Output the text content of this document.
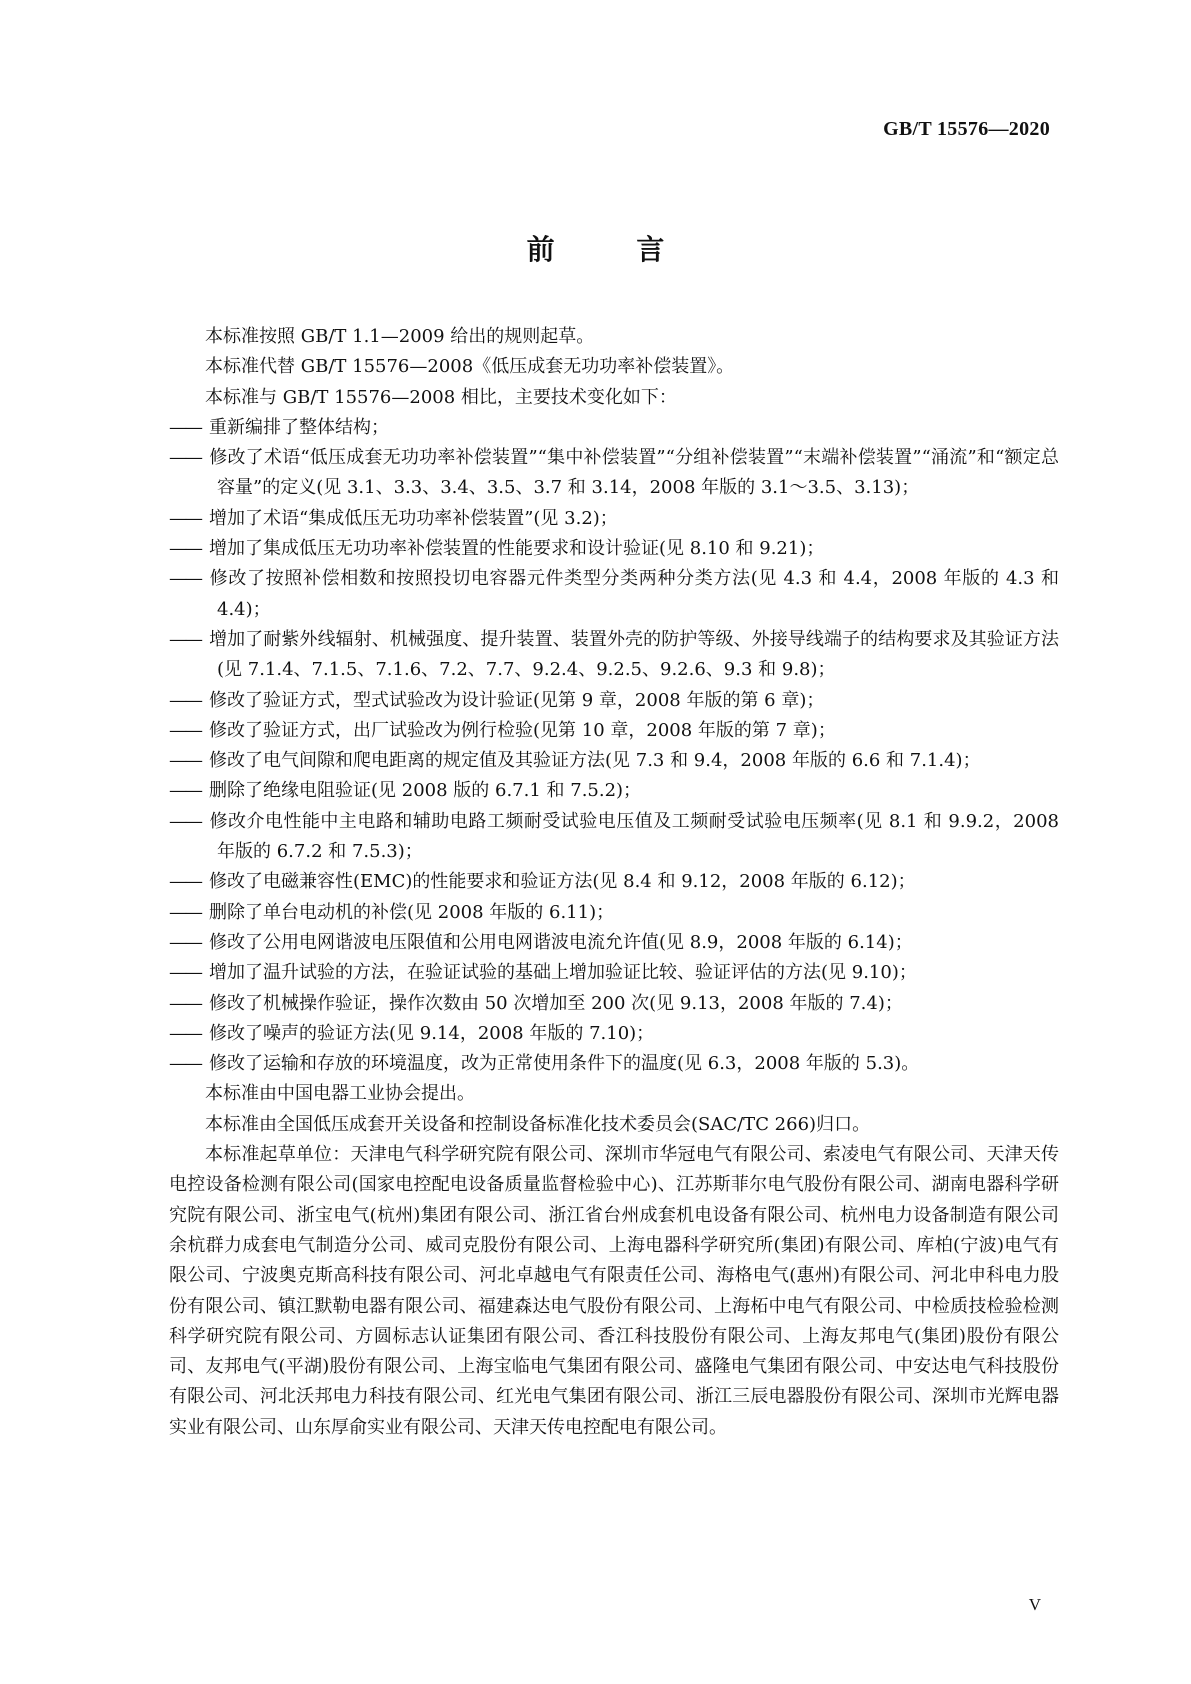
GB/T 15576—2020

前 言

本标准按照 GB/T 1.1—2009 给出的规则起草。

本标准代替 GB/T 15576—2008《低压成套无功功率补偿装置》。

本标准与 GB/T 15576—2008 相比，主要技术变化如下：

—— 重新编排了整体结构；

—— 修改了术语“低压成套无功功率补偿装置”“集中补偿装置”“分组补偿装置”“末端补偿装置”“涌流”和“额定总容量”的定义(见 3.1、3.3、3.4、3.5、3.7 和 3.14，2008 年版的 3.1～3.5、3.13)；

—— 增加了术语“集成低压无功功率补偿装置”(见 3.2)；

—— 增加了集成低压无功功率补偿装置的性能要求和设计验证(见 8.10 和 9.21)；

—— 修改了按照补偿相数和按照投切电容器元件类型分类两种分类方法(见 4.3 和 4.4，2008 年版的 4.3 和 4.4)；

—— 增加了耐紫外线辐射、机械强度、提升装置、装置外壳的防护等级、外接导线端子的结构要求及其验证方法(见 7.1.4、7.1.5、7.1.6、7.2、7.7、9.2.4、9.2.5、9.2.6、9.3 和 9.8)；

—— 修改了验证方式，型式试验改为设计验证(见第 9 章，2008 年版的第 6 章)；

—— 修改了验证方式，出厂试验改为例行检验(见第 10 章，2008 年版的第 7 章)；

—— 修改了电气间隙和爬电距离的规定值及其验证方法(见 7.3 和 9.4，2008 年版的 6.6 和 7.1.4)；

—— 删除了绝缘电阻验证(见 2008 版的 6.7.1 和 7.5.2)；

—— 修改介电性能中主电路和辅助电路工频耐受试验电压值及工频耐受试验电压频率(见 8.1 和 9.9.2，2008 年版的 6.7.2 和 7.5.3)；

—— 修改了电磁兼容性(EMC)的性能要求和验证方法(见 8.4 和 9.12，2008 年版的 6.12)；

—— 删除了单台电动机的补偿(见 2008 年版的 6.11)；

—— 修改了公用电网谐波电压限值和公用电网谐波电流允许值(见 8.9，2008 年版的 6.14)；

—— 增加了温升试验的方法，在验证试验的基础上增加验证比较、验证评估的方法(见 9.10)；

—— 修改了机械操作验证，操作次数由 50 次增加至 200 次(见 9.13，2008 年版的 7.4)；

—— 修改了噪声的验证方法(见 9.14，2008 年版的 7.10)；

—— 修改了运输和存放的环境温度，改为正常使用条件下的温度(见 6.3，2008 年版的 5.3)。

本标准由中国电器工业协会提出。

本标准由全国低压成套开关设备和控制设备标准化技术委员会(SAC/TC 266)归口。

本标准起草单位：天津电气科学研究院有限公司、深圳市华冠电气有限公司、索凌电气有限公司、天津天传电控设备检测有限公司(国家电控配电设备质量监督检验中心)、江苏斯菲尔电气股份有限公司、湖南电器科学研究院有限公司、浙宝电气(杭州)集团有限公司、浙江省台州成套机电设备有限公司、杭州电力设备制造有限公司余杭群力成套电气制造分公司、威司克股份有限公司、上海电器科学研究所(集团)有限公司、库柏(宁波)电气有限公司、宁波奥克斯高科技有限公司、河北卓越电气有限责任公司、海格电气(惠州)有限公司、河北申科电力股份有限公司、镇江默勒电器有限公司、福建森达电气股份有限公司、上海柘中电气有限公司、中检质技检验检测科学研究院有限公司、方圆标志认证集团有限公司、香江科技股份有限公司、上海友邦电气(集团)股份有限公司、友邦电气(平湖)股份有限公司、上海宝临电气集团有限公司、盛隆电气集团有限公司、中安达电气科技股份有限公司、河北沃邦电力科技有限公司、红光电气集团有限公司、浙江三辰电器股份有限公司、深圳市光辉电器实业有限公司、山东厚俞实业有限公司、天津天传电控配电有限公司。

V
